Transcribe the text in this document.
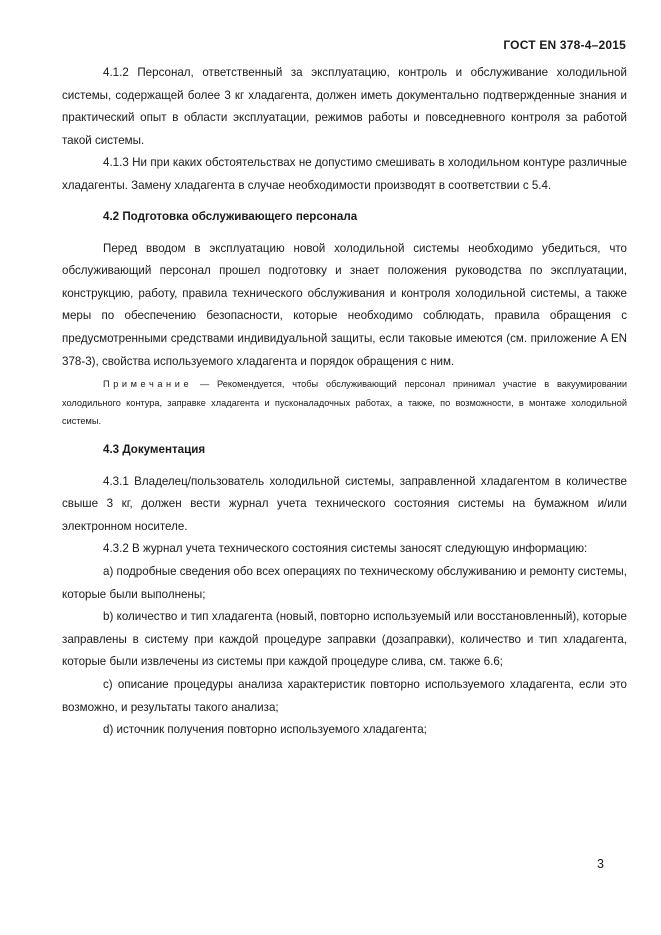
ГОСТ EN 378-4–2015

4.1.2 Персонал, ответственный за эксплуатацию, контроль и обслуживание холодильной системы, содержащей более 3 кг хладагента, должен иметь документально подтвержденные знания и практический опыт в области эксплуатации, режимов работы и повседневного контроля за работой такой системы.

4.1.3 Ни при каких обстоятельствах не допустимо смешивать в холодильном контуре различные хладагенты. Замену хладагента в случае необходимости производят в соответствии с 5.4.

4.2 Подготовка обслуживающего персонала

Перед вводом в эксплуатацию новой холодильной системы необходимо убедиться, что обслуживающий персонал прошел подготовку и знает положения руководства по эксплуатации, конструкцию, работу, правила технического обслуживания и контроля холодильной системы, а также меры по обеспечению безопасности, которые необходимо соблюдать, правила обращения с предусмотренными средствами индивидуальной защиты, если таковые имеются (см. приложение A EN 378-3), свойства используемого хладагента и порядок обращения с ним.

Примечание — Рекомендуется, чтобы обслуживающий персонал принимал участие в вакуумировании холодильного контура, заправке хладагента и пусконаладочных работах, а также, по возможности, в монтаже холодильной системы.

4.3 Документация

4.3.1 Владелец/пользователь холодильной системы, заправленной хладагентом в количестве свыше 3 кг, должен вести журнал учета технического состояния системы на бумажном и/или электронном носителе.

4.3.2 В журнал учета технического состояния системы заносят следующую информацию:

a) подробные сведения обо всех операциях по техническому обслуживанию и ремонту системы, которые были выполнены;

b) количество и тип хладагента (новый, повторно используемый или восстановленный), которые заправлены в систему при каждой процедуре заправки (дозаправки), количество и тип хладагента, которые были извлечены из системы при каждой процедуре слива, см. также 6.6;

c) описание процедуры анализа характеристик повторно используемого хладагента, если это возможно, и результаты такого анализа;

d) источник получения повторно используемого хладагента;

3
